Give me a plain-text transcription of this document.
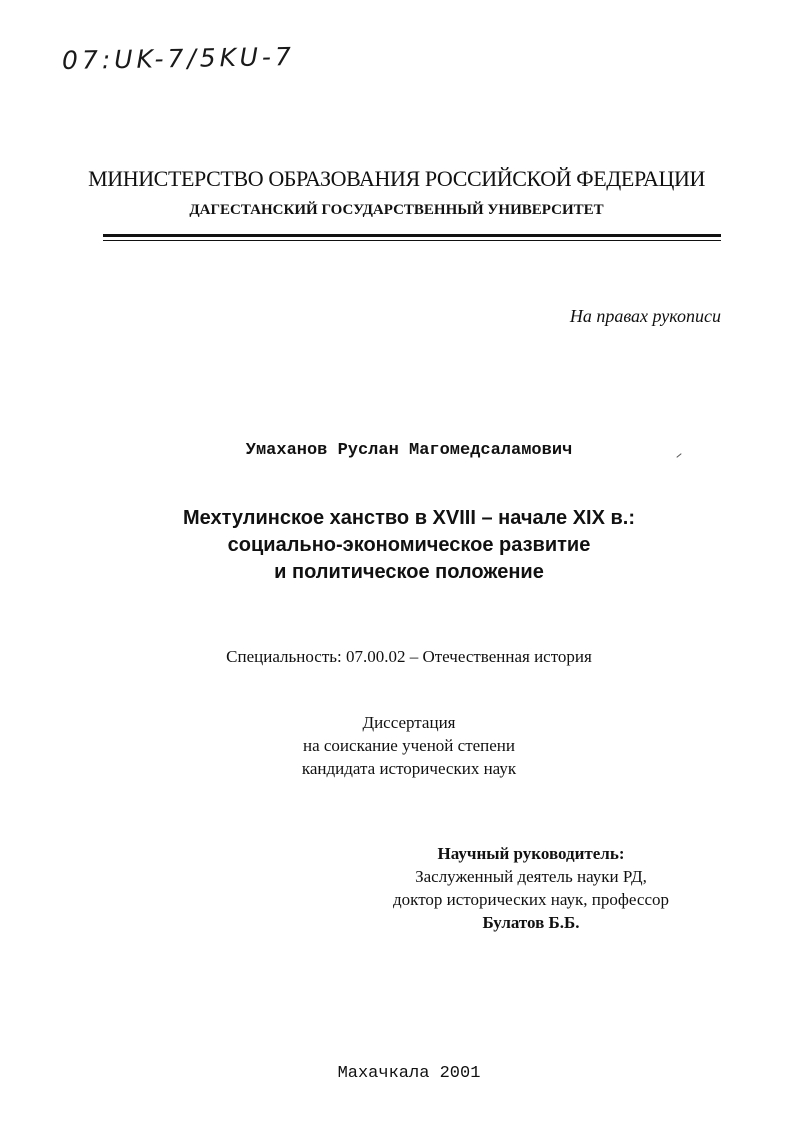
07:UK-7/5KU-7
МИНИСТЕРСТВО ОБРАЗОВАНИЯ РОССИЙСКОЙ ФЕДЕРАЦИИ
ДАГЕСТАНСКИЙ ГОСУДАРСТВЕННЫЙ УНИВЕРСИТЕТ
На правах рукописи
Умаханов Руслан Магомедсаламович
Мехтулинское ханство в XVIII – начале XIX в.:
социально-экономическое развитие
и политическое положение
Специальность: 07.00.02 – Отечественная история
Диссертация
на соискание ученой степени
кандидата исторических наук
Научный руководитель:
Заслуженный деятель науки РД,
доктор исторических наук, профессор
Булатов Б.Б.
Махачкала 2001
